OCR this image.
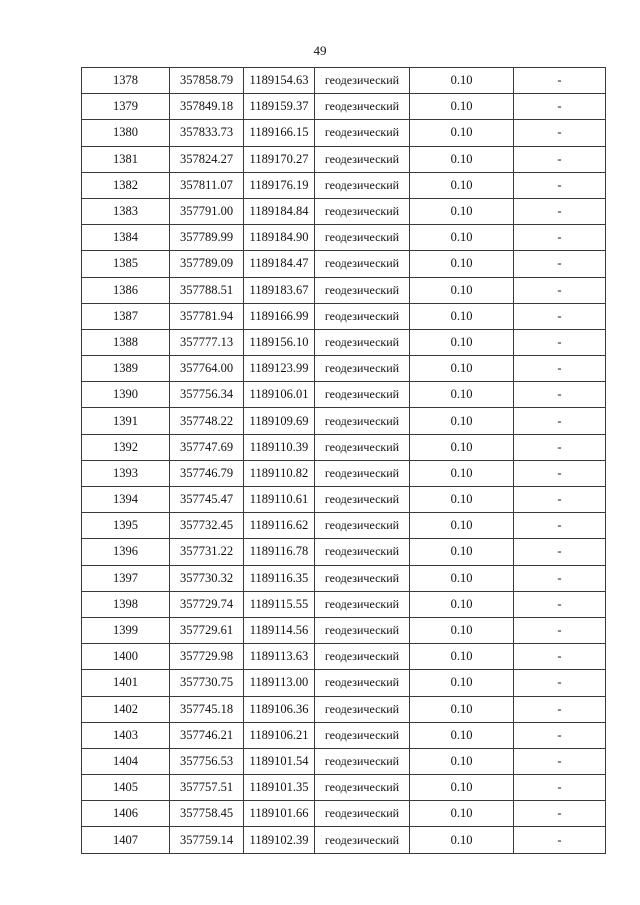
49
1378	357858.79	1189154.63	геодезический	0.10	-
1379	357849.18	1189159.37	геодезический	0.10	-
1380	357833.73	1189166.15	геодезический	0.10	-
1381	357824.27	1189170.27	геодезический	0.10	-
1382	357811.07	1189176.19	геодезический	0.10	-
1383	357791.00	1189184.84	геодезический	0.10	-
1384	357789.99	1189184.90	геодезический	0.10	-
1385	357789.09	1189184.47	геодезический	0.10	-
1386	357788.51	1189183.67	геодезический	0.10	-
1387	357781.94	1189166.99	геодезический	0.10	-
1388	357777.13	1189156.10	геодезический	0.10	-
1389	357764.00	1189123.99	геодезический	0.10	-
1390	357756.34	1189106.01	геодезический	0.10	-
1391	357748.22	1189109.69	геодезический	0.10	-
1392	357747.69	1189110.39	геодезический	0.10	-
1393	357746.79	1189110.82	геодезический	0.10	-
1394	357745.47	1189110.61	геодезический	0.10	-
1395	357732.45	1189116.62	геодезический	0.10	-
1396	357731.22	1189116.78	геодезический	0.10	-
1397	357730.32	1189116.35	геодезический	0.10	-
1398	357729.74	1189115.55	геодезический	0.10	-
1399	357729.61	1189114.56	геодезический	0.10	-
1400	357729.98	1189113.63	геодезический	0.10	-
1401	357730.75	1189113.00	геодезический	0.10	-
1402	357745.18	1189106.36	геодезический	0.10	-
1403	357746.21	1189106.21	геодезический	0.10	-
1404	357756.53	1189101.54	геодезический	0.10	-
1405	357757.51	1189101.35	геодезический	0.10	-
1406	357758.45	1189101.66	геодезический	0.10	-
1407	357759.14	1189102.39	геодезический	0.10	-
